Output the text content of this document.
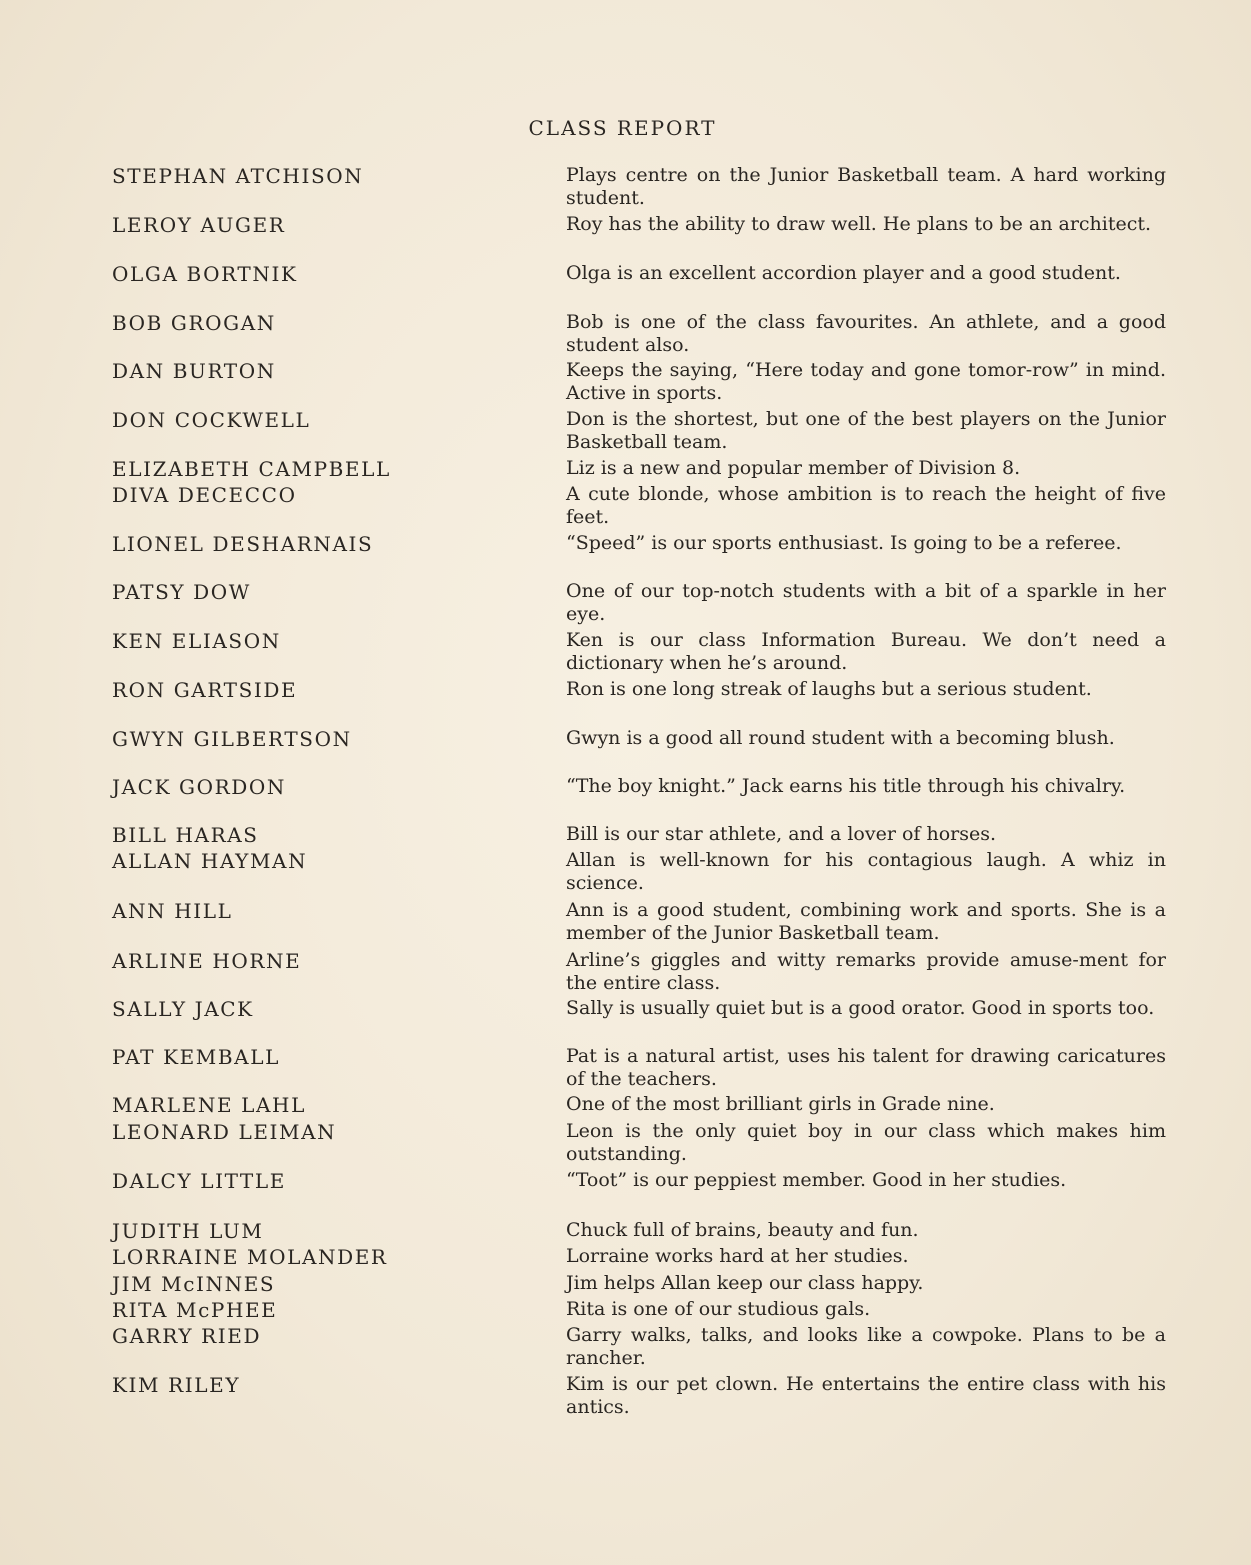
CLASS REPORT
STEPHAN ATCHISON	Plays centre on the Junior Basketball team. A hard working student.
LEROY AUGER	Roy has the ability to draw well. He plans to be an architect.
OLGA BORTNIK	Olga is an excellent accordion player and a good student.
BOB GROGAN	Bob is one of the class favourites. An athlete, and a good student also.
DAN BURTON	Keeps the saying, “Here today and gone tomor-row” in mind. Active in sports.
DON COCKWELL	Don is the shortest, but one of the best players on the Junior Basketball team.
ELIZABETH CAMPBELL	Liz is a new and popular member of Division 8.
DIVA DECECCO	A cute blonde, whose ambition is to reach the height of five feet.
LIONEL DESHARNAIS	“Speed” is our sports enthusiast. Is going to be a referee.
PATSY DOW	One of our top-notch students with a bit of a sparkle in her eye.
KEN ELIASON	Ken is our class Information Bureau. We don’t need a dictionary when he’s around.
RON GARTSIDE	Ron is one long streak of laughs but a serious student.
GWYN GILBERTSON	Gwyn is a good all round student with a becoming blush.
JACK GORDON	“The boy knight.” Jack earns his title through his chivalry.
BILL HARAS	Bill is our star athlete, and a lover of horses.
ALLAN HAYMAN	Allan is well-known for his contagious laugh. A whiz in science.
ANN HILL	Ann is a good student, combining work and sports. She is a member of the Junior Basketball team.
ARLINE HORNE	Arline’s giggles and witty remarks provide amuse-ment for the entire class.
SALLY JACK	Sally is usually quiet but is a good orator. Good in sports too.
PAT KEMBALL	Pat is a natural artist, uses his talent for drawing caricatures of the teachers.
MARLENE LAHL	One of the most brilliant girls in Grade nine.
LEONARD LEIMAN	Leon is the only quiet boy in our class which makes him outstanding.
DALCY LITTLE	“Toot” is our peppiest member. Good in her studies.
JUDITH LUM	Chuck full of brains, beauty and fun.
LORRAINE MOLANDER	Lorraine works hard at her studies.
JIM McINNES	Jim helps Allan keep our class happy.
RITA McPHEE	Rita is one of our studious gals.
GARRY RIED	Garry walks, talks, and looks like a cowpoke. Plans to be a rancher.
KIM RILEY	Kim is our pet clown. He entertains the entire class with his antics.
